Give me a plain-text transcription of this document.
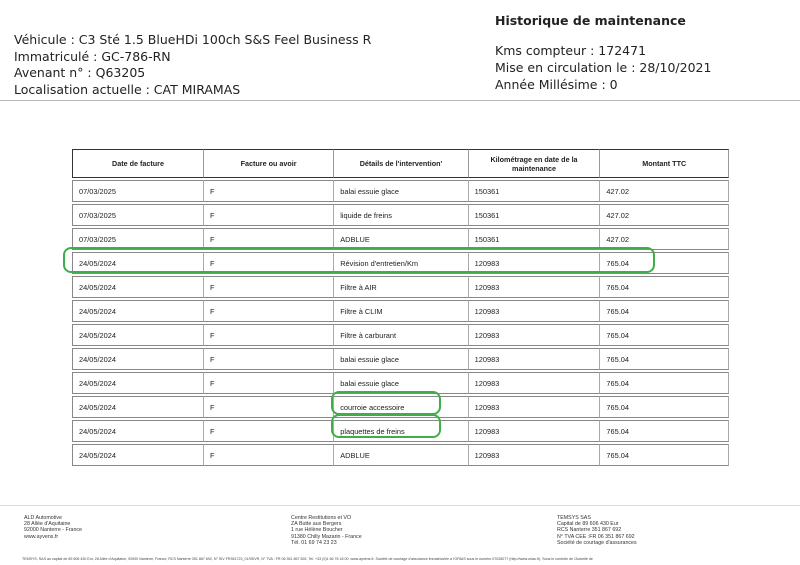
Véhicule : C3 Sté 1.5 BlueHDi 100ch S&S Feel Business R
Immatriculé : GC-786-RN
Avenant n° : Q63205
Localisation actuelle : CAT MIRAMAS
Historique de maintenance
Kms compteur : 172471
Mise en circulation le : 28/10/2021
Année Millésime : 0
Date de facture	Facture ou avoir	Détails de l'intervention'	Kilométrage en date de la maintenance	Montant TTC
07/03/2025	F	balai essuie glace	150361	427.02
07/03/2025	F	liquide de freins	150361	427.02
07/03/2025	F	ADBLUE	150361	427.02
24/05/2024	F	Révision d'entretien/Km	120983	765.04
24/05/2024	F	Filtre à AIR	120983	765.04
24/05/2024	F	Filtre à CLIM	120983	765.04
24/05/2024	F	Filtre à carburant	120983	765.04
24/05/2024	F	balai essuie glace	120983	765.04
24/05/2024	F	balai essuie glace	120983	765.04
24/05/2024	F	courroie accessoire	120983	765.04
24/05/2024	F	plaquettes de freins	120983	765.04
24/05/2024	F	ADBLUE	120983	765.04
ALD Automotive
28 Allée d'Aquitaine
92000 Nanterre - France
www.ayvens.fr
Centre Restitutions et VO
ZA Butte aux Bergers
1 rue Hélène Boucher
91380 Chilly Mazarin - France
Tél. 01 69 74 23 23
TEMSYS SAS
Capital de 89 606 430 Eur
RCS Nanterre 351 867 692
N° TVA CEE :FR 06 351 867 692
Société de courtage d'assurances
TEMSYS, SAS au capital de 89 606 430 Eur, 28 Allée d'Aquitaine, 92000 Nanterre, France, RCS Nanterre 351 867 692, N° SIV FR351723_01SSIVR, N° TVA : FR 06 351 867 692, Tel. +33 (0)1 56 76 18 00, www.ayvens.fr. Société de courtage d'assurance immatriculée à l'ORIAS sous le numéro 07026077 (http://www.orias.fr). Sous le contrôle de l'Autorité de
